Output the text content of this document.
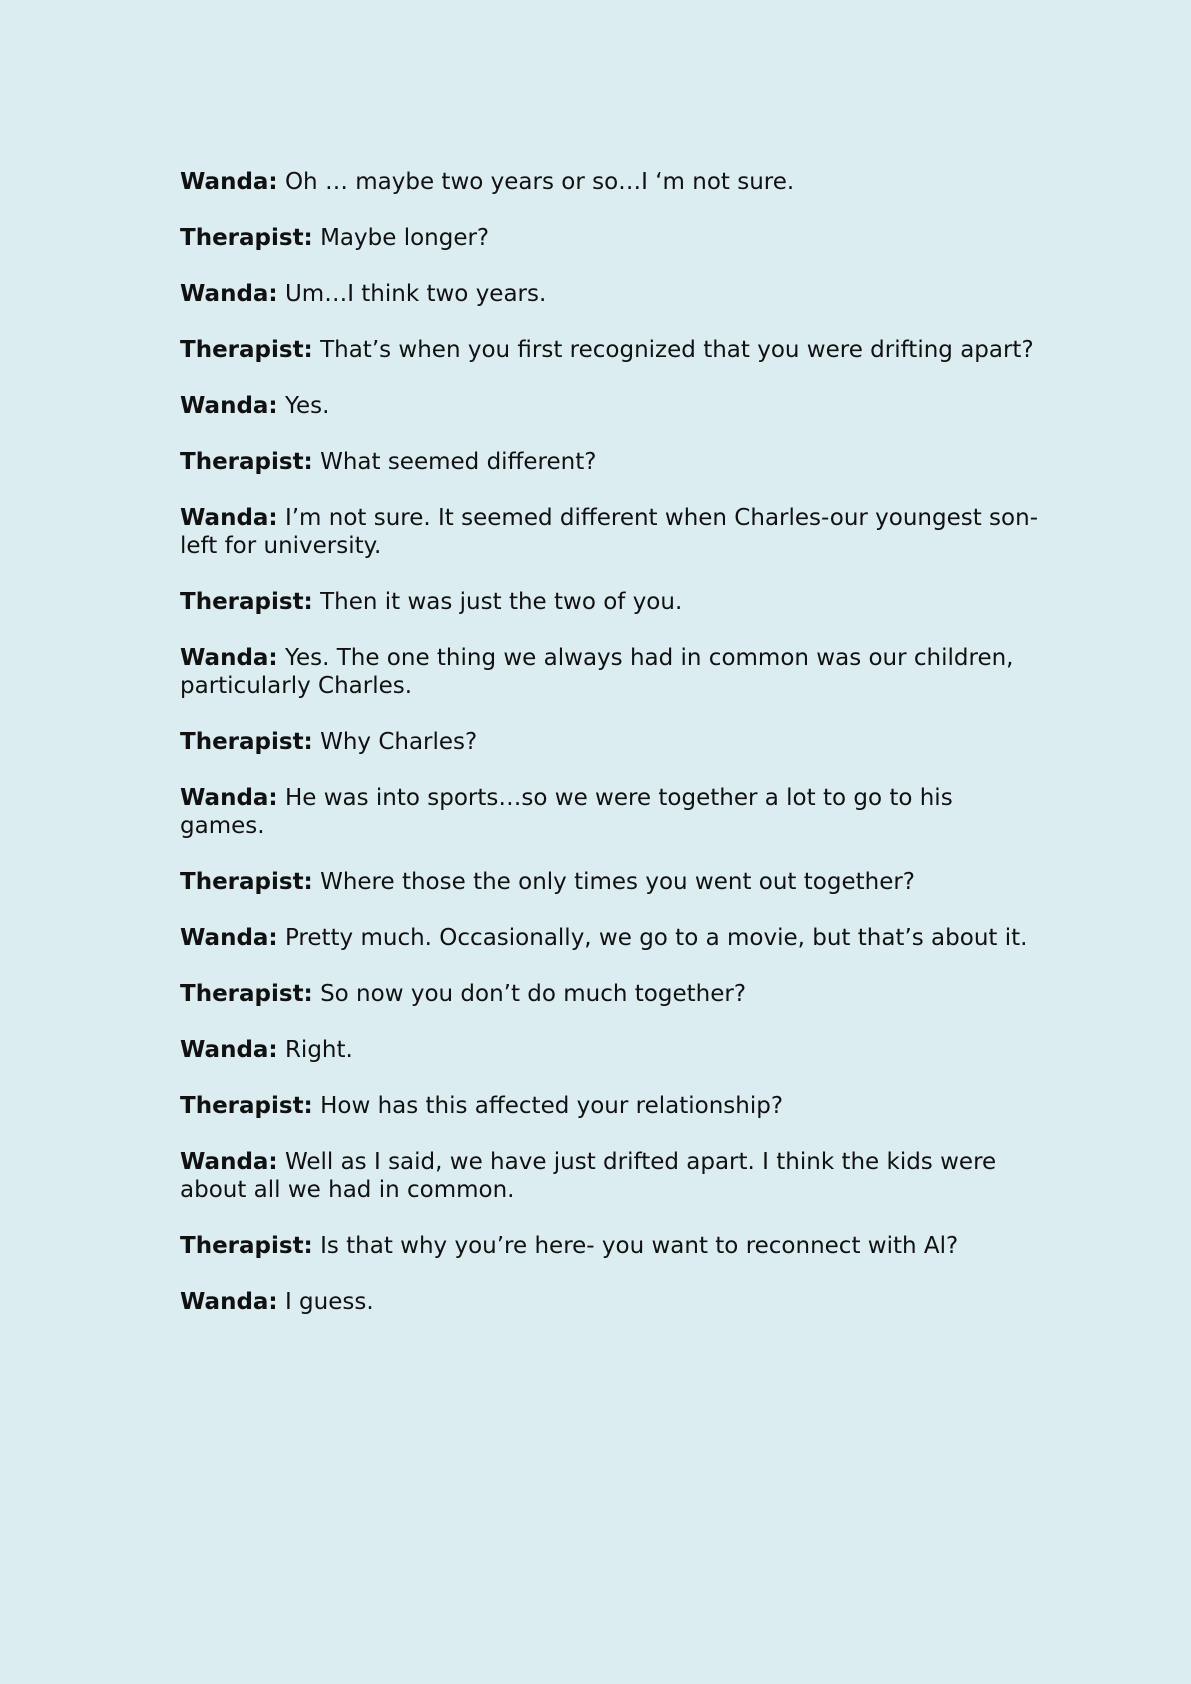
Wanda: Oh … maybe two years or so…I ‘m not sure.

Therapist: Maybe longer?

Wanda: Um…I think two years.

Therapist: That’s when you first recognized that you were drifting apart?

Wanda: Yes.

Therapist: What seemed different?

Wanda: I’m not sure. It seemed different when Charles-our youngest son-left for university.

Therapist: Then it was just the two of you.

Wanda: Yes. The one thing we always had in common was our children, particularly Charles.

Therapist: Why Charles?

Wanda: He was into sports…so we were together a lot to go to his games.

Therapist: Where those the only times you went out together?

Wanda: Pretty much. Occasionally, we go to a movie, but that’s about it.

Therapist: So now you don’t do much together?

Wanda: Right.

Therapist: How has this affected your relationship?

Wanda: Well as I said, we have just drifted apart. I think the kids were about all we had in common.

Therapist: Is that why you’re here- you want to reconnect with Al?

Wanda: I guess.
